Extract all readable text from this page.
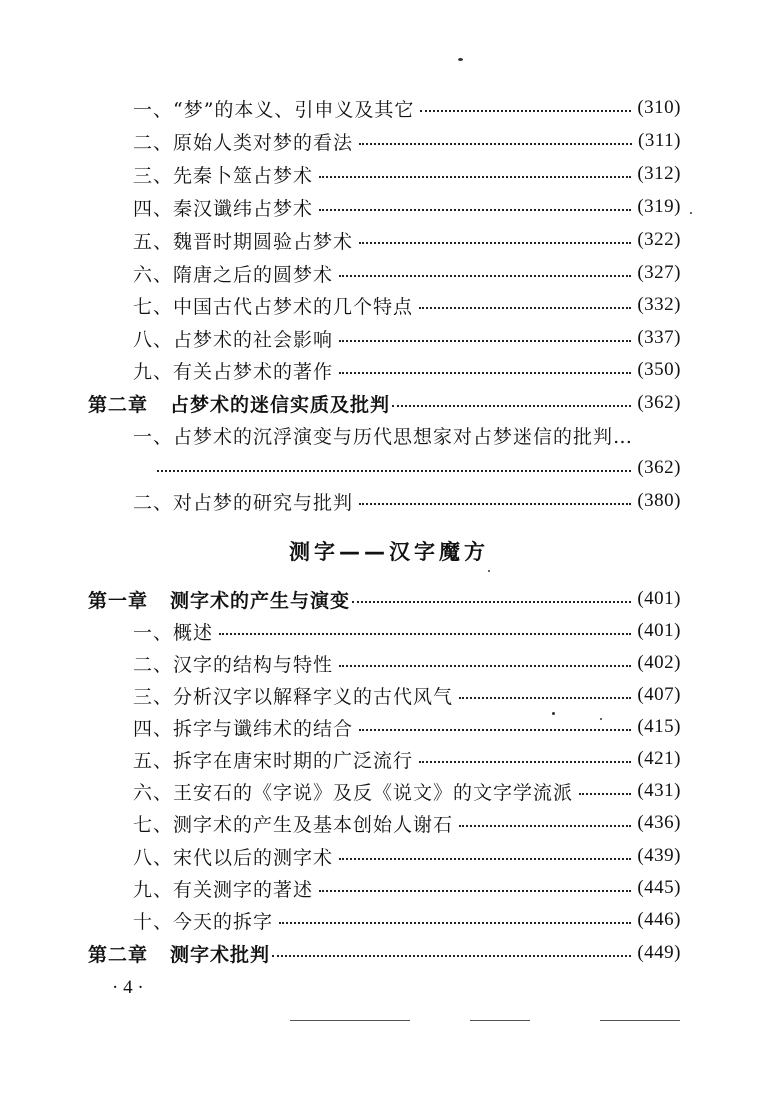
一、“梦”的本义、引申义及其它	(310)
二、原始人类对梦的看法	(311)
三、先秦卜筮占梦术	(312)
四、秦汉谶纬占梦术	(319)
五、魏晋时期圆验占梦术	(322)
六、隋唐之后的圆梦术	(327)
七、中国古代占梦术的几个特点	(332)
八、占梦术的社会影响	(337)
九、有关占梦术的著作	(350)
第二章 占梦术的迷信实质及批判	(362)
一、占梦术的沉浮演变与历代思想家对占梦迷信的批判…
(362)
二、对占梦的研究与批判	(380)
测字——汉字魔方
第一章 测字术的产生与演变	(401)
一、概述	(401)
二、汉字的结构与特性	(402)
三、分析汉字以解释字义的古代风气	(407)
四、拆字与谶纬术的结合	(415)
五、拆字在唐宋时期的广泛流行	(421)
六、王安石的《字说》及反《说文》的文字学流派	(431)
七、测字术的产生及基本创始人谢石	(436)
八、宋代以后的测字术	(439)
九、有关测字的著述	(445)
十、今天的拆字	(446)
第二章 测字术批判	(449)
· 4 ·
